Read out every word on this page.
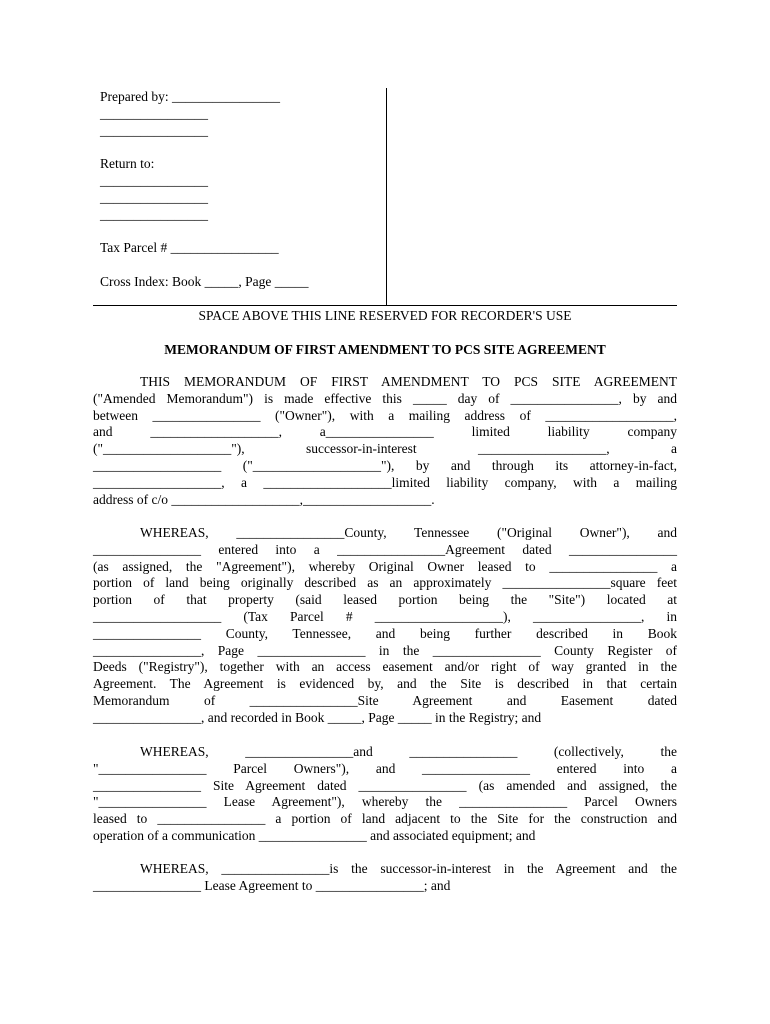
Prepared by: ________________
________________
________________
Return to:
________________
________________
________________
Tax Parcel # ________________
Cross Index: Book _____, Page _____
SPACE ABOVE THIS LINE RESERVED FOR RECORDER'S USE
MEMORANDUM OF FIRST AMENDMENT TO PCS SITE AGREEMENT
THIS MEMORANDUM OF FIRST AMENDMENT TO PCS SITE AGREEMENT
("Amended Memorandum") is made effective this _____ day of ________________, by and
between ________________ ("Owner"), with a mailing address of ___________________,
and ___________________, a________________ limited liability company
("___________________"), successor-in-interest ___________________, a
___________________ ("___________________"), by and through its attorney-in-fact,
___________________, a ___________________limited liability company, with a mailing
address of c/o ___________________,___________________.
WHEREAS, ________________County, Tennessee ("Original Owner"), and
________________ entered into a ________________Agreement dated ________________
(as assigned, the "Agreement"), whereby Original Owner leased to ________________ a
portion of land being originally described as an approximately ________________square feet
portion of that property (said leased portion being the "Site") located at
___________________ (Tax Parcel # ___________________), ________________, in
________________ County, Tennessee, and being further described in Book
________________, Page ________________ in the ________________ County Register of
Deeds ("Registry"), together with an access easement and/or right of way granted in the
Agreement. The Agreement is evidenced by, and the Site is described in that certain
Memorandum of ________________Site Agreement and Easement dated
________________, and recorded in Book _____, Page _____ in the Registry; and
WHEREAS, ________________and ________________ (collectively, the
"________________ Parcel Owners"), and ________________ entered into a
________________ Site Agreement dated ________________ (as amended and assigned, the
"________________ Lease Agreement"), whereby the ________________ Parcel Owners
leased to ________________ a portion of land adjacent to the Site for the construction and
operation of a communication ________________ and associated equipment; and
WHEREAS, ________________is the successor-in-interest in the Agreement and the
________________ Lease Agreement to ________________; and
